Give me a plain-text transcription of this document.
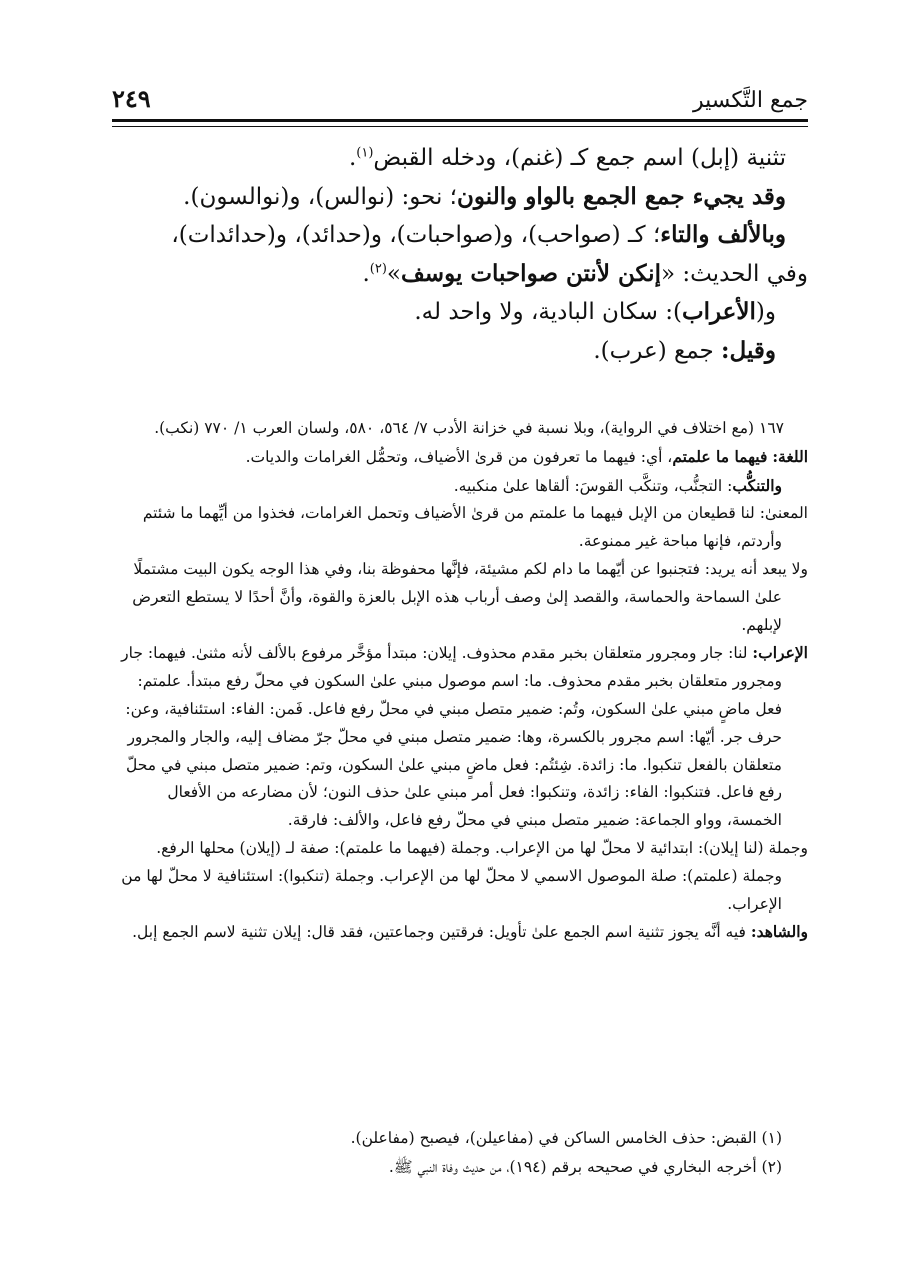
جمع التَّكسير
٢٤٩

تثنية (إبل) اسم جمع كـ (غنم)، ودخله القبض$^{(١)}$.

وقد يجيء جمع الجمع بالواو والنون؛ نحو: (نوالس)، و(نوالسون).

وبالألف والتاء؛ كـ (صواحب)، و(صواحبات)، و(حدائد)، و(حدائدات)،

وفي الحديث: «إنكن لأنتن صواحبات يوسف»$^{(٢)}$.

و(الأعراب): سكان البادية، ولا واحد له.

وقيل: جمع (عرب).

١٦٧ (مع اختلاف في الرواية)، وبلا نسبة في خزانة الأدب ٧/ ٥٦٤، ٥٨٠، ولسان العرب ١/ ٧٧٠ (نكب).

اللغة: فيهما ما علمتم، أي: فيهما ما تعرفون من قرىٰ الأضياف، وتحمُّل الغرامات والديات.
والتنكُّب: التجنُّب، وتنكَّب القوسَ: ألقاها علىٰ منكبيه.

المعنىٰ: لنا قطيعان من الإبل فيهما ما علمتم من قرىٰ الأضياف وتحمل الغرامات، فخذوا من أيِّهما ما شئتم وأردتم، فإنها مباحة غير ممنوعة.

ولا يبعد أنه يريد: فتجنبوا عن أيّهما ما دام لكم مشيئة، فإنَّها محفوظة بنا، وفي هذا الوجه يكون البيت مشتملًا علىٰ السماحة والحماسة، والقصد إلىٰ وصف أرباب هذه الإبل بالعزة والقوة، وأنَّ أحدًا لا يستطع التعرض لإبلهم.

الإعراب: لنا: جار ومجرور متعلقان بخبر مقدم محذوف. إيلان: مبتدأ مؤخَّر مرفوع بالألف لأنه مثنىٰ. فيهما: جار ومجرور متعلقان بخبر مقدم محذوف. ما: اسم موصول مبني علىٰ السكون في محلّ رفع مبتدأ. علمتم: فعل ماضٍ مبني علىٰ السكون، وتُم: ضمير متصل مبني في محلّ رفع فاعل. فَمن: الفاء: استئنافية، وعن: حرف جر. أيّها: اسم مجرور بالكسرة، وها: ضمير متصل مبني في محلّ جرّ مضاف إليه، والجار والمجرور متعلقان بالفعل تنكبوا. ما: زائدة. شِئتُم: فعل ماضٍ مبني علىٰ السكون، وتم: ضمير متصل مبني في محلّ رفع فاعل. فتنكبوا: الفاء: زائدة، وتنكبوا: فعل أمر مبني علىٰ حذف النون؛ لأن مضارعه من الأفعال الخمسة، وواو الجماعة: ضمير متصل مبني في محلّ رفع فاعل، والألف: فارقة.

وجملة (لنا إيلان): ابتدائية لا محلّ لها من الإعراب. وجملة (فيهما ما علمتم): صفة لـ (إيلان) محلها الرفع. وجملة (علمتم): صلة الموصول الاسمي لا محلّ لها من الإعراب. وجملة (تنكبوا): استئنافية لا محلّ لها من الإعراب.

والشاهد: فيه أنَّه يجوز تثنية اسم الجمع علىٰ تأويل: فرقتين وجماعتين، فقد قال: إيلان تثنية لاسم الجمع إبل.

(١) القبض: حذف الخامس الساكن في (مفاعيلن)، فيصبح (مفاعلن).

(٢) أخرجه البخاري في صحيحه برقم (١٩٤)، من حديث وفاة النبي ﷺ.
